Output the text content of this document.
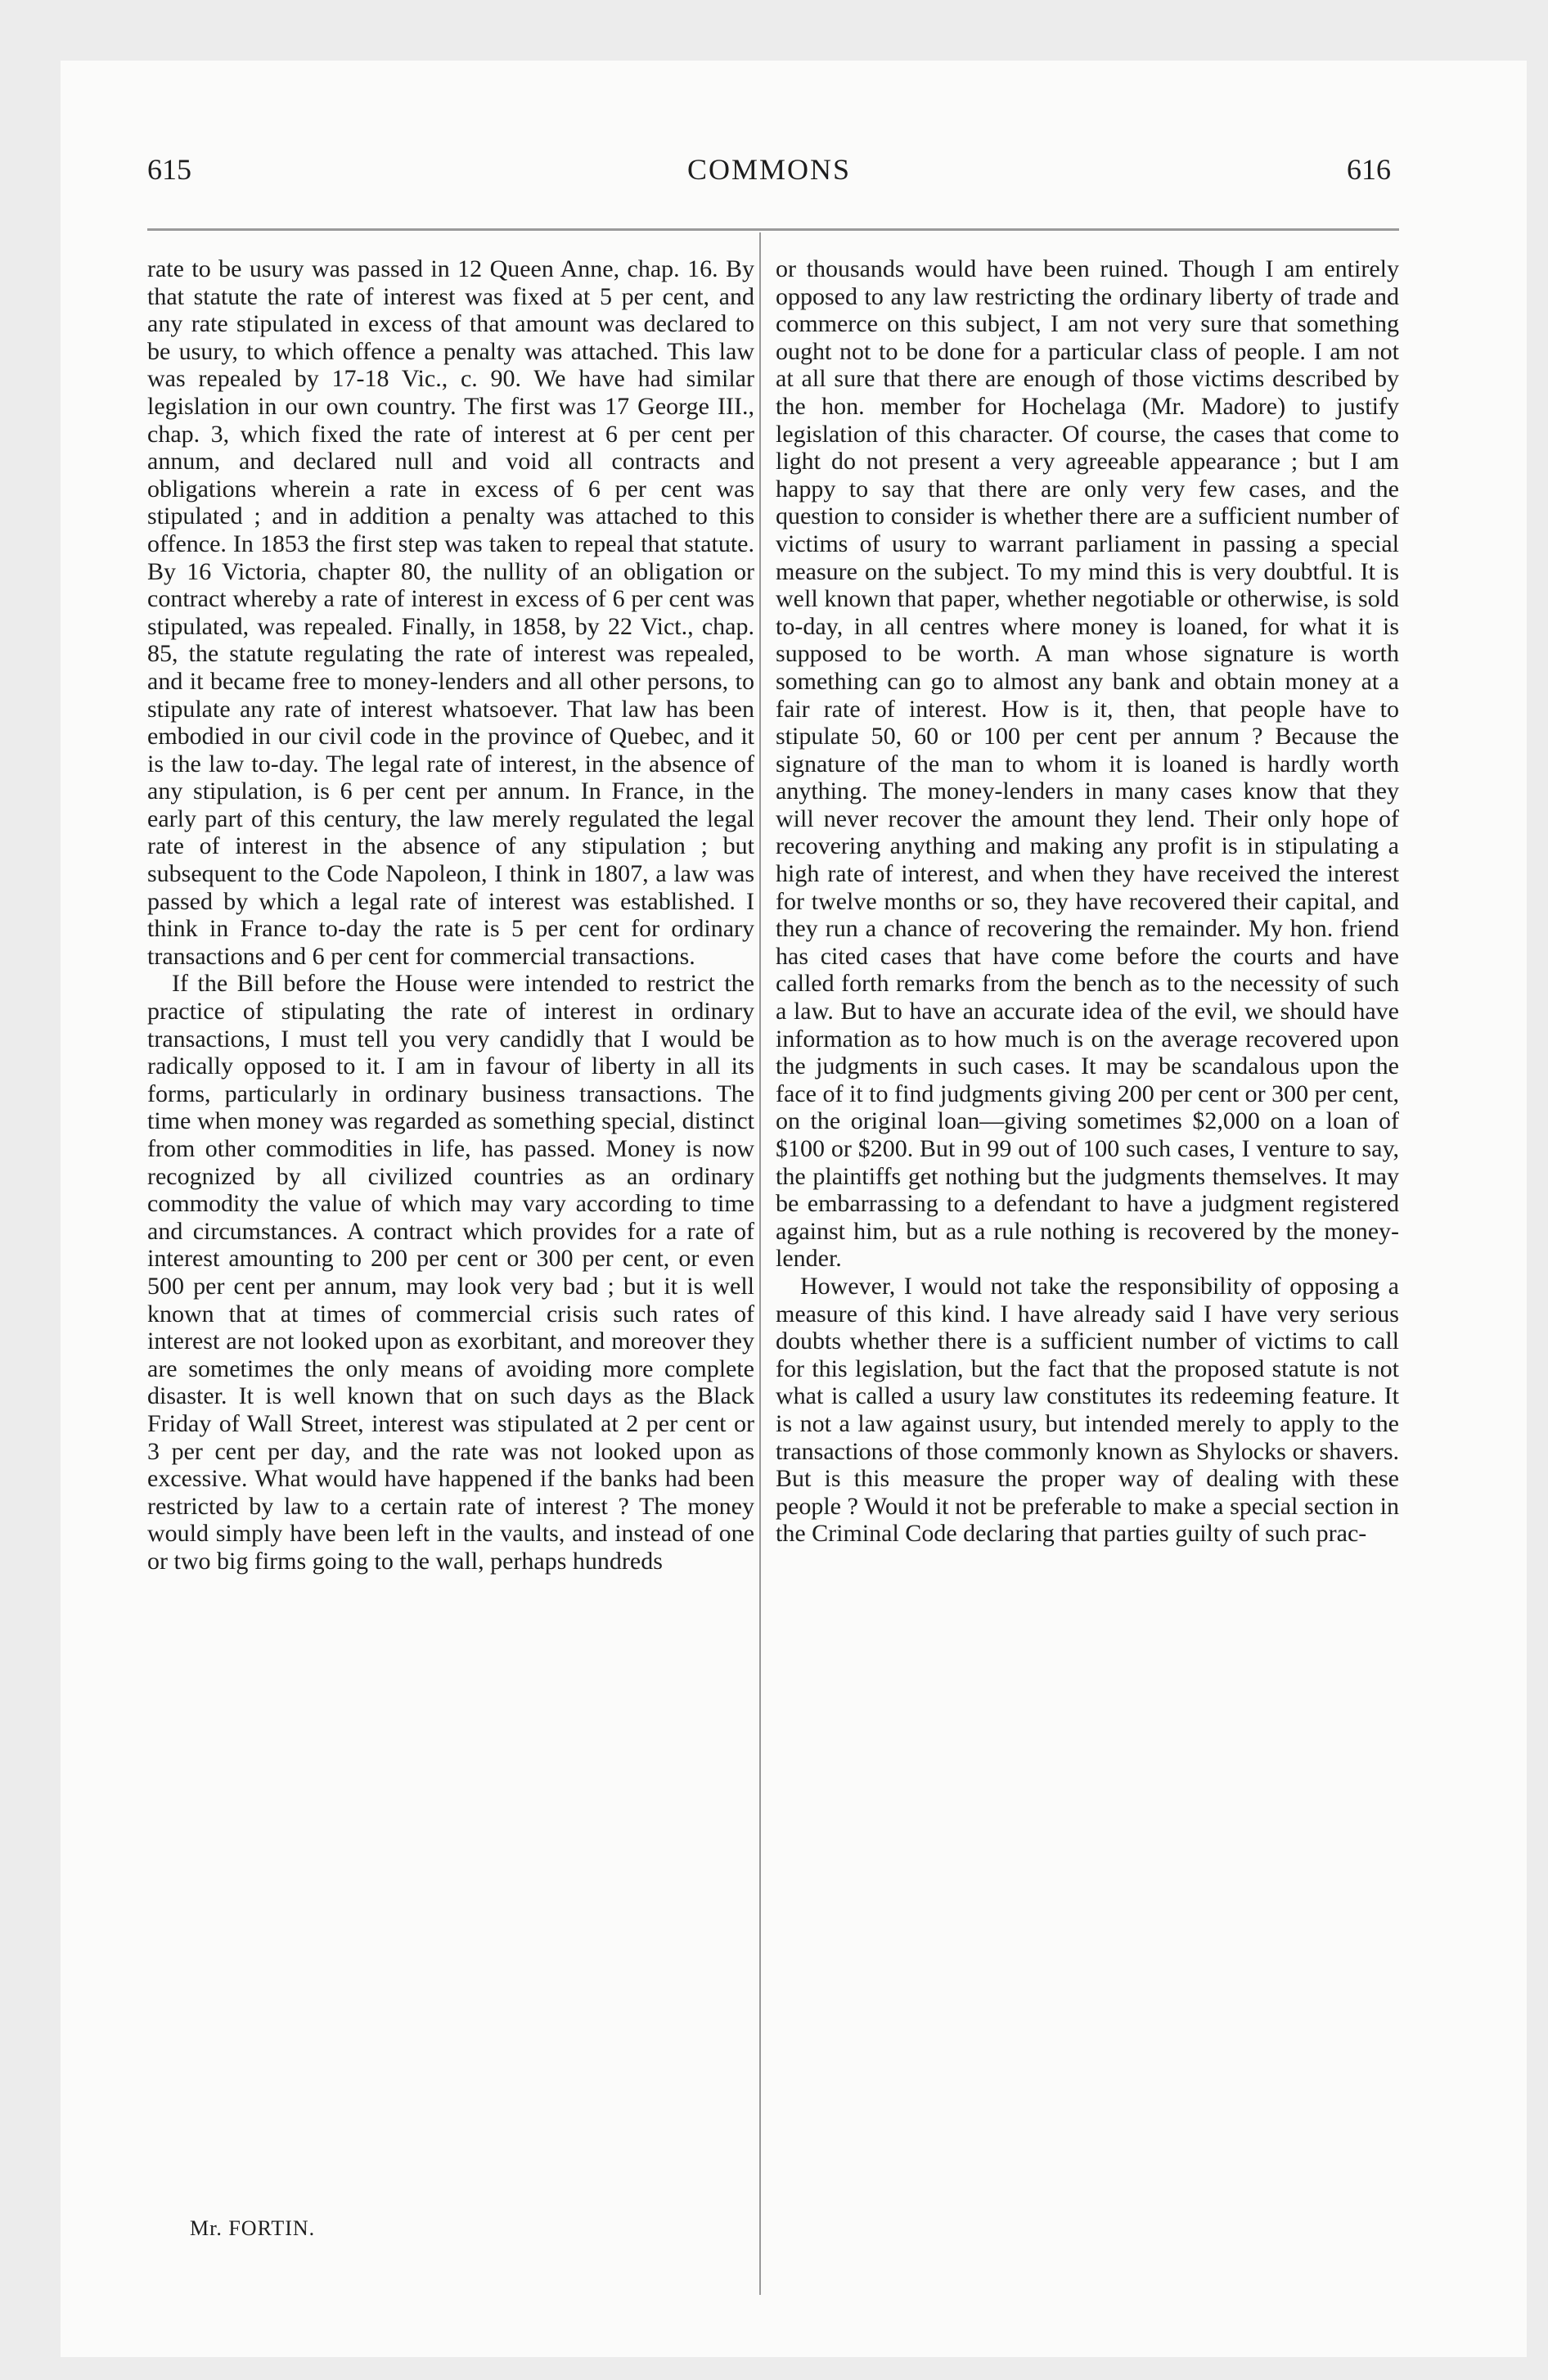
615	COMMONS	616

rate to be usury was passed in 12 Queen Anne, chap. 16. By that statute the rate of interest was fixed at 5 per cent, and any rate stipulated in excess of that amount was declared to be usury, to which offence a penalty was attached. This law was repealed by 17-18 Vic., c. 90. We have had similar legislation in our own country. The first was 17 George III., chap. 3, which fixed the rate of interest at 6 per cent per annum, and declared null and void all contracts and obligations wherein a rate in excess of 6 per cent was stipulated ; and in addition a penalty was attached to this offence. In 1853 the first step was taken to repeal that statute. By 16 Victoria, chapter 80, the nullity of an obligation or contract whereby a rate of interest in excess of 6 per cent was stipulated, was repealed. Finally, in 1858, by 22 Vict., chap. 85, the statute regulating the rate of interest was repealed, and it became free to money-lenders and all other persons, to stipulate any rate of interest whatsoever. That law has been embodied in our civil code in the province of Quebec, and it is the law to-day. The legal rate of interest, in the absence of any stipulation, is 6 per cent per annum. In France, in the early part of this century, the law merely regulated the legal rate of interest in the absence of any stipulation ; but subsequent to the Code Napoleon, I think in 1807, a law was passed by which a legal rate of interest was established. I think in France to-day the rate is 5 per cent for ordinary transactions and 6 per cent for commercial transactions.

If the Bill before the House were intended to restrict the practice of stipulating the rate of interest in ordinary transactions, I must tell you very candidly that I would be radically opposed to it. I am in favour of liberty in all its forms, particularly in ordinary business transactions. The time when money was regarded as something special, distinct from other commodities in life, has passed. Money is now recognized by all civilized countries as an ordinary commodity the value of which may vary according to time and circumstances. A contract which provides for a rate of interest amounting to 200 per cent or 300 per cent, or even 500 per cent per annum, may look very bad ; but it is well known that at times of commercial crisis such rates of interest are not looked upon as exorbitant, and moreover they are sometimes the only means of avoiding more complete disaster. It is well known that on such days as the Black Friday of Wall Street, interest was stipulated at 2 per cent or 3 per cent per day, and the rate was not looked upon as excessive. What would have happened if the banks had been restricted by law to a certain rate of interest ? The money would simply have been left in the vaults, and instead of one or two big firms going to the wall, perhaps hundreds

or thousands would have been ruined. Though I am entirely opposed to any law restricting the ordinary liberty of trade and commerce on this subject, I am not very sure that something ought not to be done for a particular class of people. I am not at all sure that there are enough of those victims described by the hon. member for Hochelaga (Mr. Madore) to justify legislation of this character. Of course, the cases that come to light do not present a very agreeable appearance ; but I am happy to say that there are only very few cases, and the question to consider is whether there are a sufficient number of victims of usury to warrant parliament in passing a special measure on the subject. To my mind this is very doubtful. It is well known that paper, whether negotiable or otherwise, is sold to-day, in all centres where money is loaned, for what it is supposed to be worth. A man whose signature is worth something can go to almost any bank and obtain money at a fair rate of interest. How is it, then, that people have to stipulate 50, 60 or 100 per cent per annum ? Because the signature of the man to whom it is loaned is hardly worth anything. The money-lenders in many cases know that they will never recover the amount they lend. Their only hope of recovering anything and making any profit is in stipulating a high rate of interest, and when they have received the interest for twelve months or so, they have recovered their capital, and they run a chance of recovering the remainder. My hon. friend has cited cases that have come before the courts and have called forth remarks from the bench as to the necessity of such a law. But to have an accurate idea of the evil, we should have information as to how much is on the average recovered upon the judgments in such cases. It may be scandalous upon the face of it to find judgments giving 200 per cent or 300 per cent, on the original loan—giving sometimes $2,000 on a loan of $100 or $200. But in 99 out of 100 such cases, I venture to say, the plaintiffs get nothing but the judgments themselves. It may be embarrassing to a defendant to have a judgment registered against him, but as a rule nothing is recovered by the money-lender.

However, I would not take the responsibility of opposing a measure of this kind. I have already said I have very serious doubts whether there is a sufficient number of victims to call for this legislation, but the fact that the proposed statute is not what is called a usury law constitutes its redeeming feature. It is not a law against usury, but intended merely to apply to the transactions of those commonly known as Shylocks or shavers. But is this measure the proper way of dealing with these people ? Would it not be preferable to make a special section in the Criminal Code declaring that parties guilty of such prac-

Mr. FORTIN.
